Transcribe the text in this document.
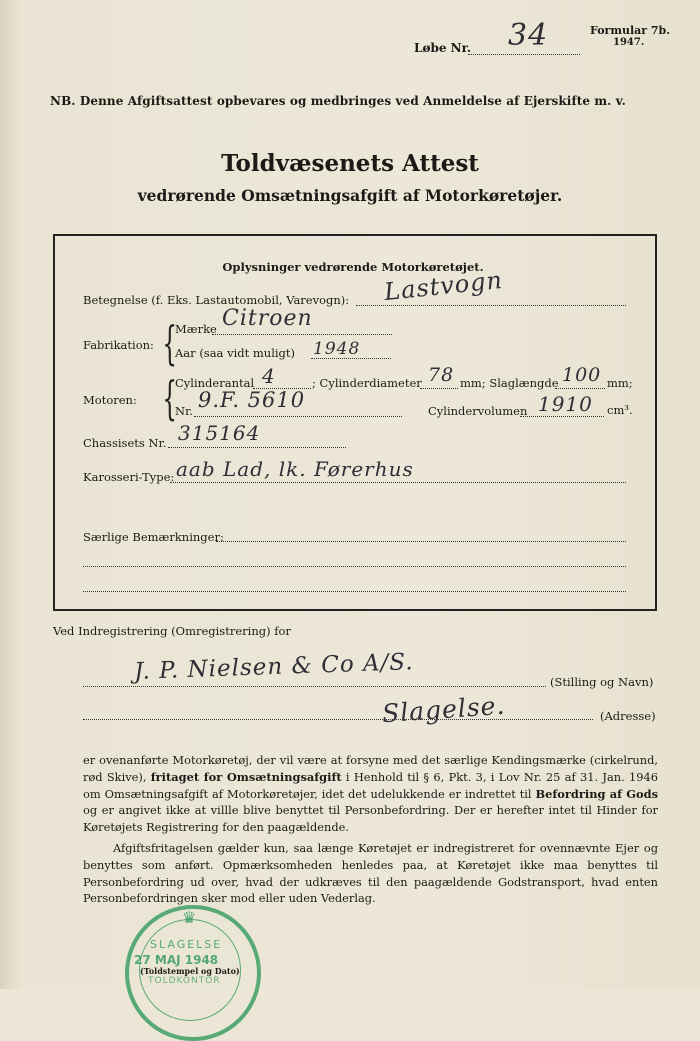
Formular 7b.
1947.
Løbe Nr. 34
NB. Denne Afgiftsattest opbevares og medbringes ved Anmeldelse af Ejerskifte m. v.
Toldvæsenets Attest
vedrørende Omsætningsafgift af Motorkøretøjer.
Oplysninger vedrørende Motorkøretøjet.
Betegnelse (f. Eks. Lastautomobil, Varevogn): Lastvogn
Fabrikation: {
Mærke Citroen
Aar (saa vidt muligt) 1948
Motoren: {
Cylinderantal 4	; Cylinderdiameter 78 mm; Slaglængde 100 mm;
Nr. 9.F. 5610	Cylindervolumen 1910 cm³.
Chassisets Nr. 315164
Karosseri-Type: aab Lad, lk. Førerhus
Særlige Bemærkninger:
Ved Indregistrering (Omregistrering) for
J. P. Nielsen & Co A/S.	(Stilling og Navn)
Slagelse.	(Adresse)
er ovenanførte Motorkøretøj, der vil være at forsyne med det særlige Kendingsmærke (cirkelrund, rød Skive), fritaget for Omsætningsafgift i Henhold til § 6, Pkt. 3, i Lov Nr. 25 af 31. Jan. 1946 om Omsætningsafgift af Motorkøretøjer, idet det udelukkende er indrettet til Befordring af Gods og er angivet ikke at villle blive benyttet til Personbefordring. Der er herefter intet til Hinder for Køretøjets Registrering for den paagældende.
Afgiftsfritagelsen gælder kun, saa længe Køretøjet er indregistreret for ovennævnte Ejer og benyttes som anført. Opmærksomheden henledes paa, at Køretøjet ikke maa benyttes til Personbefordring ud over, hvad der udkræves til den paagældende Godstransport, hvad enten Personbefordringen sker mod eller uden Vederlag.
♛
SLAGELSE
27 MAJ 1948
TOLDKONTOR
(Toldstempel og Dato)
